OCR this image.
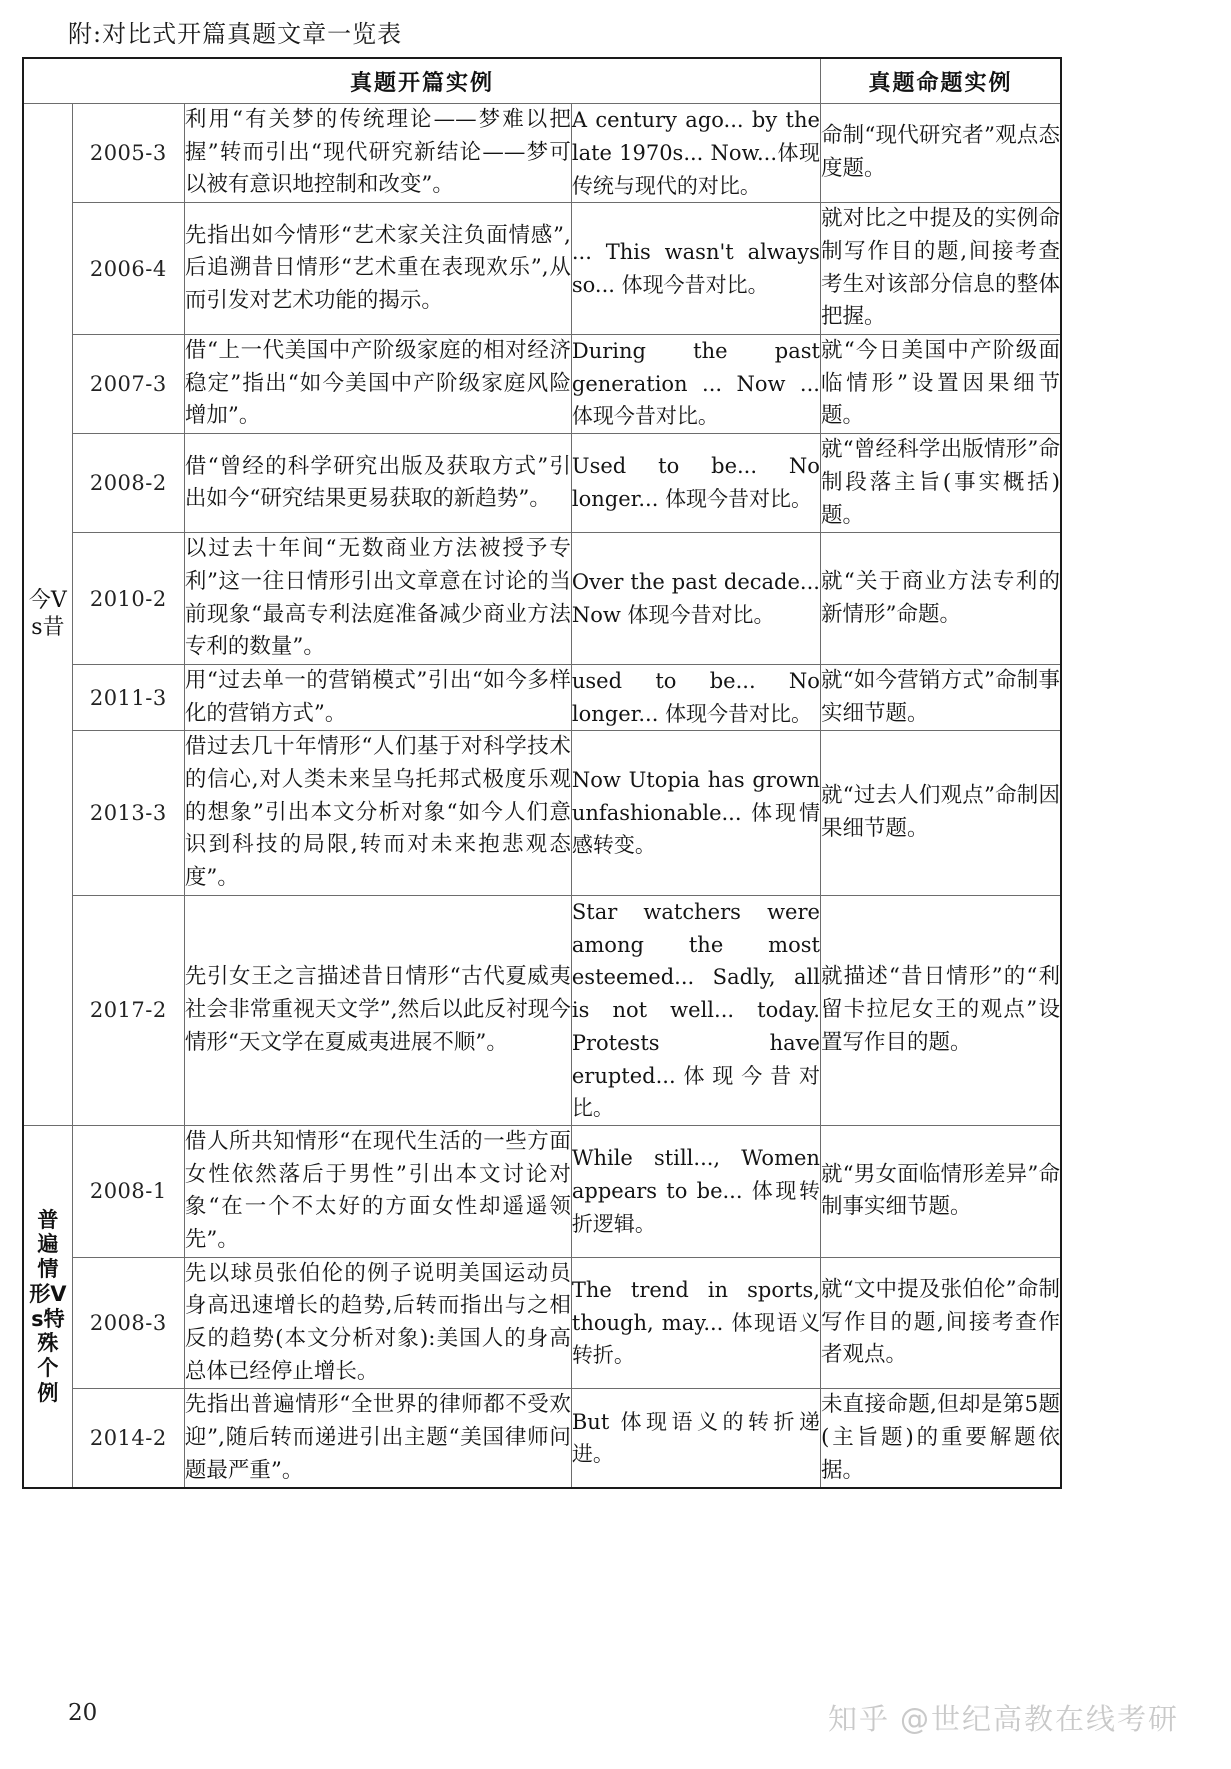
附:对比式开篇真题文章一览表
真题开篇实例				真题命题实例

今Vs昔	2005-3	利用“有关梦的传统理论——梦难以把握”转而引出“现代研究新结论——梦可以被有意识地控制和改变”。	A century ago... by the late 1970s... Now...体现传统与现代的对比。	命制“现代研究者”观点态度题。
	2006-4	先指出如今情形“艺术家关注负面情感”,后追溯昔日情形“艺术重在表现欢乐”,从而引发对艺术功能的揭示。	... This wasn't always so... 体现今昔对比。	就对比之中提及的实例命制写作目的题,间接考查考生对该部分信息的整体把握。
	2007-3	借“上一代美国中产阶级家庭的相对经济稳定”指出“如今美国中产阶级家庭风险增加”。	During the past generation ... Now ... 体现今昔对比。	就“今日美国中产阶级面临情形”设置因果细节题。
	2008-2	借“曾经的科学研究出版及获取方式”引出如今“研究结果更易获取的新趋势”。	Used to be... No longer... 体现今昔对比。	就“曾经科学出版情形”命制段落主旨(事实概括)题。
	2010-2	以过去十年间“无数商业方法被授予专利”这一往日情形引出文章意在讨论的当前现象“最高专利法庭准备减少商业方法专利的数量”。	Over the past decade... Now 体现今昔对比。	就“关于商业方法专利的新情形”命题。
	2011-3	用“过去单一的营销模式”引出“如今多样化的营销方式”。	used to be... No longer... 体现今昔对比。	就“如今营销方式”命制事实细节题。
	2013-3	借过去几十年情形“人们基于对科学技术的信心,对人类未来呈乌托邦式极度乐观的想象”引出本文分析对象“如今人们意识到科技的局限,转而对未来抱悲观态度”。	Now Utopia has grown unfashionable... 体现情感转变。	就“过去人们观点”命制因果细节题。
	2017-2	先引女王之言描述昔日情形“古代夏威夷社会非常重视天文学”,然后以此反衬现今情形“天文学在夏威夷进展不顺”。	Star watchers were among the most esteemed... Sadly, all is not well... today. Protests have erupted...体现今昔对比。	就描述“昔日情形”的“利留卡拉尼女王的观点”设置写作目的题。

普遍情形Vs特殊个例	2008-1	借人所共知情形“在现代生活的一些方面女性依然落后于男性”引出本文讨论对象“在一个不太好的方面女性却遥遥领先”。	While still..., Women appears to be... 体现转折逻辑。	就“男女面临情形差异”命制事实细节题。
	2008-3	先以球员张伯伦的例子说明美国运动员身高迅速增长的趋势,后转而指出与之相反的趋势(本文分析对象):美国人的身高总体已经停止增长。	The trend in sports, though, may... 体现语义转折。	就“文中提及张伯伦”命制写作目的题,间接考查作者观点。
	2014-2	先指出普遍情形“全世界的律师都不受欢迎”,随后转而递进引出主题“美国律师问题最严重”。	But 体现语义的转折递进。	未直接命题,但却是第5题(主旨题)的重要解题依据。
20	知乎 @世纪高教在线考研
